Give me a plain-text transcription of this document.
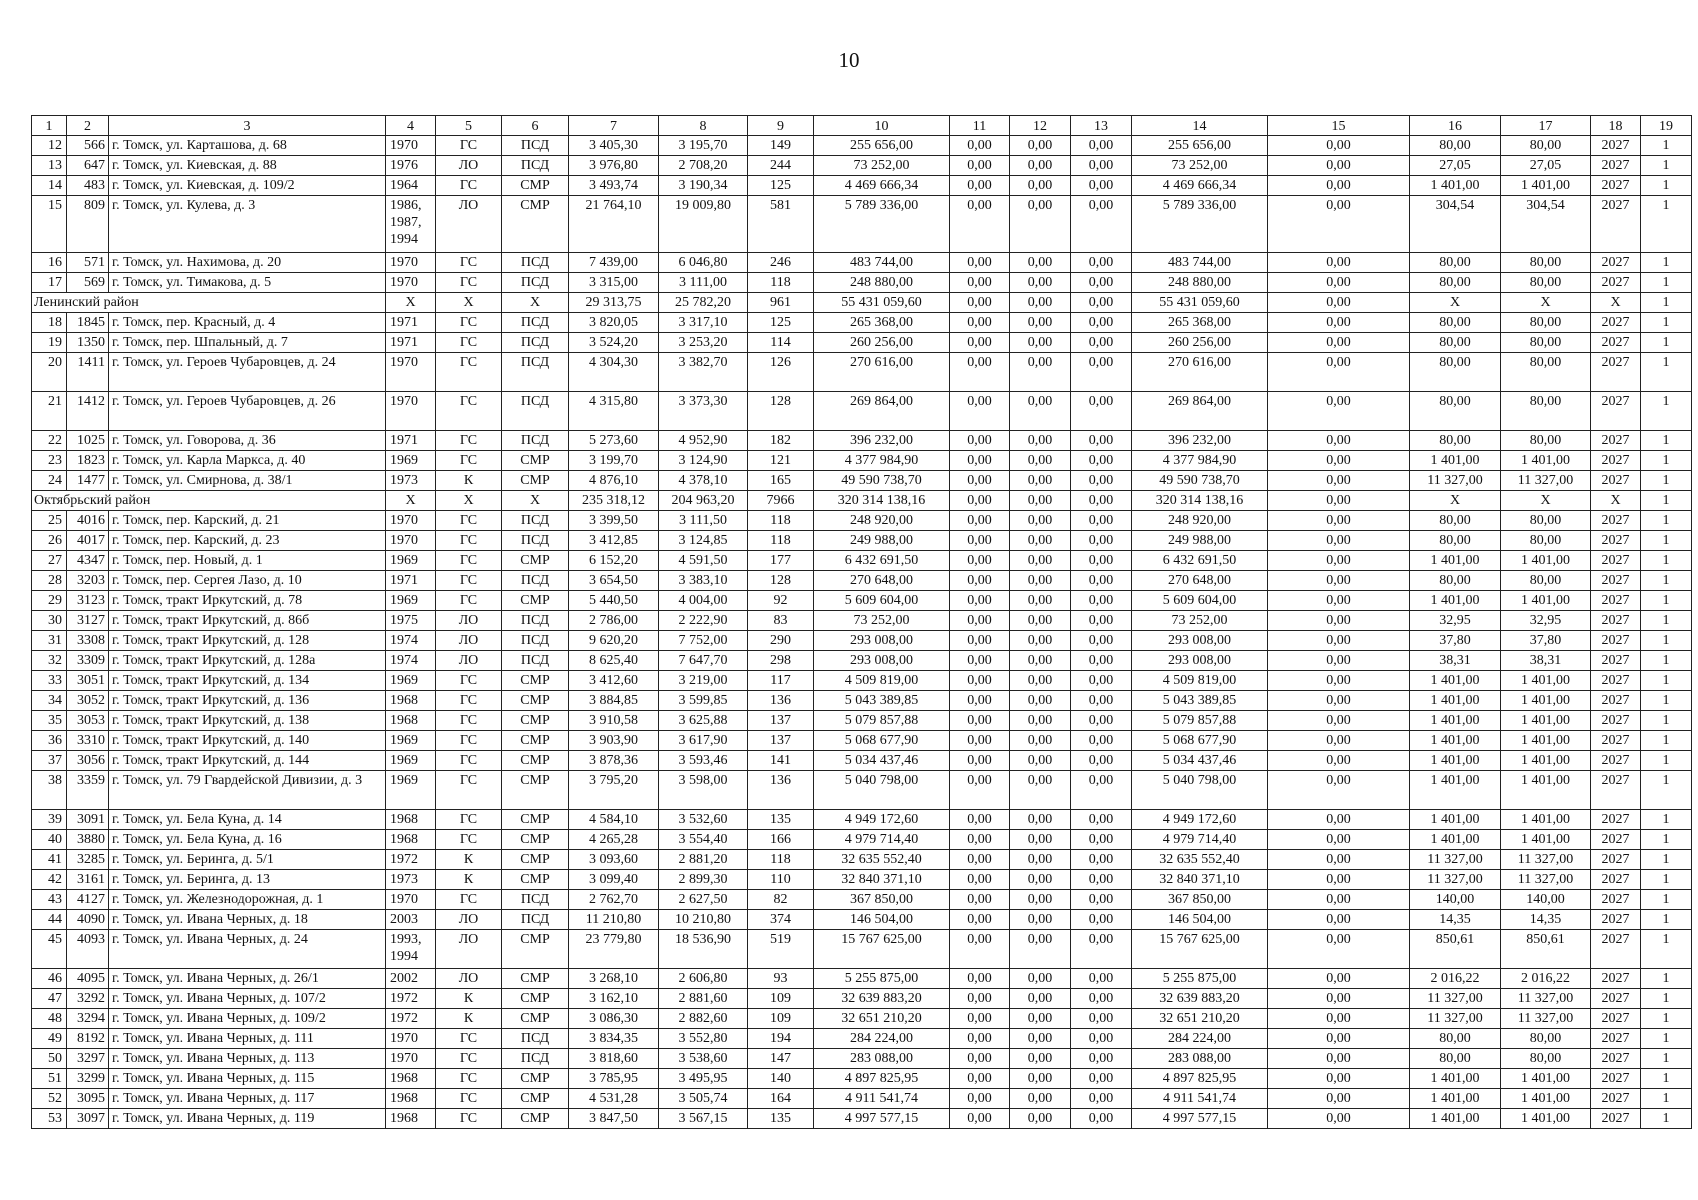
10
1	2	3	4	5	6	7	8	9	10	11	12	13	14	15	16	17	18	19
12	566	г. Томск, ул. Карташова, д. 68	1970	ГС	ПСД	3 405,30	3 195,70	149	255 656,00	0,00	0,00	0,00	255 656,00	0,00	80,00	80,00	2027	1
13	647	г. Томск, ул. Киевская, д. 88	1976	ЛО	ПСД	3 976,80	2 708,20	244	73 252,00	0,00	0,00	0,00	73 252,00	0,00	27,05	27,05	2027	1
14	483	г. Томск, ул. Киевская, д. 109/2	1964	ГС	СМР	3 493,74	3 190,34	125	4 469 666,34	0,00	0,00	0,00	4 469 666,34	0,00	1 401,00	1 401,00	2027	1
15	809	г. Томск, ул. Кулева, д. 3	1986, 1987, 1994	ЛО	СМР	21 764,10	19 009,80	581	5 789 336,00	0,00	0,00	0,00	5 789 336,00	0,00	304,54	304,54	2027	1
16	571	г. Томск, ул. Нахимова, д. 20	1970	ГС	ПСД	7 439,00	6 046,80	246	483 744,00	0,00	0,00	0,00	483 744,00	0,00	80,00	80,00	2027	1
17	569	г. Томск, ул. Тимакова, д. 5	1970	ГС	ПСД	3 315,00	3 111,00	118	248 880,00	0,00	0,00	0,00	248 880,00	0,00	80,00	80,00	2027	1
Ленинский район			Х	Х	Х	29 313,75	25 782,20	961	55 431 059,60	0,00	0,00	0,00	55 431 059,60	0,00	Х	Х	Х	1
18	1845	г. Томск, пер. Красный, д. 4	1971	ГС	ПСД	3 820,05	3 317,10	125	265 368,00	0,00	0,00	0,00	265 368,00	0,00	80,00	80,00	2027	1
19	1350	г. Томск, пер. Шпальный, д. 7	1971	ГС	ПСД	3 524,20	3 253,20	114	260 256,00	0,00	0,00	0,00	260 256,00	0,00	80,00	80,00	2027	1
20	1411	г. Томск, ул. Героев Чубаровцев, д. 24	1970	ГС	ПСД	4 304,30	3 382,70	126	270 616,00	0,00	0,00	0,00	270 616,00	0,00	80,00	80,00	2027	1
21	1412	г. Томск, ул. Героев Чубаровцев, д. 26	1970	ГС	ПСД	4 315,80	3 373,30	128	269 864,00	0,00	0,00	0,00	269 864,00	0,00	80,00	80,00	2027	1
22	1025	г. Томск, ул. Говорова, д. 36	1971	ГС	ПСД	5 273,60	4 952,90	182	396 232,00	0,00	0,00	0,00	396 232,00	0,00	80,00	80,00	2027	1
23	1823	г. Томск, ул. Карла Маркса, д. 40	1969	ГС	СМР	3 199,70	3 124,90	121	4 377 984,90	0,00	0,00	0,00	4 377 984,90	0,00	1 401,00	1 401,00	2027	1
24	1477	г. Томск, ул. Смирнова, д. 38/1	1973	К	СМР	4 876,10	4 378,10	165	49 590 738,70	0,00	0,00	0,00	49 590 738,70	0,00	11 327,00	11 327,00	2027	1
Октябрьский район			Х	Х	Х	235 318,12	204 963,20	7966	320 314 138,16	0,00	0,00	0,00	320 314 138,16	0,00	Х	Х	Х	1
25	4016	г. Томск, пер. Карский, д. 21	1970	ГС	ПСД	3 399,50	3 111,50	118	248 920,00	0,00	0,00	0,00	248 920,00	0,00	80,00	80,00	2027	1
26	4017	г. Томск, пер. Карский, д. 23	1970	ГС	ПСД	3 412,85	3 124,85	118	249 988,00	0,00	0,00	0,00	249 988,00	0,00	80,00	80,00	2027	1
27	4347	г. Томск, пер. Новый, д. 1	1969	ГС	СМР	6 152,20	4 591,50	177	6 432 691,50	0,00	0,00	0,00	6 432 691,50	0,00	1 401,00	1 401,00	2027	1
28	3203	г. Томск, пер. Сергея Лазо, д. 10	1971	ГС	ПСД	3 654,50	3 383,10	128	270 648,00	0,00	0,00	0,00	270 648,00	0,00	80,00	80,00	2027	1
29	3123	г. Томск, тракт Иркутский, д. 78	1969	ГС	СМР	5 440,50	4 004,00	92	5 609 604,00	0,00	0,00	0,00	5 609 604,00	0,00	1 401,00	1 401,00	2027	1
30	3127	г. Томск, тракт Иркутский, д. 86б	1975	ЛО	ПСД	2 786,00	2 222,90	83	73 252,00	0,00	0,00	0,00	73 252,00	0,00	32,95	32,95	2027	1
31	3308	г. Томск, тракт Иркутский, д. 128	1974	ЛО	ПСД	9 620,20	7 752,00	290	293 008,00	0,00	0,00	0,00	293 008,00	0,00	37,80	37,80	2027	1
32	3309	г. Томск, тракт Иркутский, д. 128а	1974	ЛО	ПСД	8 625,40	7 647,70	298	293 008,00	0,00	0,00	0,00	293 008,00	0,00	38,31	38,31	2027	1
33	3051	г. Томск, тракт Иркутский, д. 134	1969	ГС	СМР	3 412,60	3 219,00	117	4 509 819,00	0,00	0,00	0,00	4 509 819,00	0,00	1 401,00	1 401,00	2027	1
34	3052	г. Томск, тракт Иркутский, д. 136	1968	ГС	СМР	3 884,85	3 599,85	136	5 043 389,85	0,00	0,00	0,00	5 043 389,85	0,00	1 401,00	1 401,00	2027	1
35	3053	г. Томск, тракт Иркутский, д. 138	1968	ГС	СМР	3 910,58	3 625,88	137	5 079 857,88	0,00	0,00	0,00	5 079 857,88	0,00	1 401,00	1 401,00	2027	1
36	3310	г. Томск, тракт Иркутский, д. 140	1969	ГС	СМР	3 903,90	3 617,90	137	5 068 677,90	0,00	0,00	0,00	5 068 677,90	0,00	1 401,00	1 401,00	2027	1
37	3056	г. Томск, тракт Иркутский, д. 144	1969	ГС	СМР	3 878,36	3 593,46	141	5 034 437,46	0,00	0,00	0,00	5 034 437,46	0,00	1 401,00	1 401,00	2027	1
38	3359	г. Томск, ул. 79 Гвардейской Дивизии, д. 3	1969	ГС	СМР	3 795,20	3 598,00	136	5 040 798,00	0,00	0,00	0,00	5 040 798,00	0,00	1 401,00	1 401,00	2027	1
39	3091	г. Томск, ул. Бела Куна, д. 14	1968	ГС	СМР	4 584,10	3 532,60	135	4 949 172,60	0,00	0,00	0,00	4 949 172,60	0,00	1 401,00	1 401,00	2027	1
40	3880	г. Томск, ул. Бела Куна, д. 16	1968	ГС	СМР	4 265,28	3 554,40	166	4 979 714,40	0,00	0,00	0,00	4 979 714,40	0,00	1 401,00	1 401,00	2027	1
41	3285	г. Томск, ул. Беринга, д. 5/1	1972	К	СМР	3 093,60	2 881,20	118	32 635 552,40	0,00	0,00	0,00	32 635 552,40	0,00	11 327,00	11 327,00	2027	1
42	3161	г. Томск, ул. Беринга, д. 13	1973	К	СМР	3 099,40	2 899,30	110	32 840 371,10	0,00	0,00	0,00	32 840 371,10	0,00	11 327,00	11 327,00	2027	1
43	4127	г. Томск, ул. Железнодорожная, д. 1	1970	ГС	ПСД	2 762,70	2 627,50	82	367 850,00	0,00	0,00	0,00	367 850,00	0,00	140,00	140,00	2027	1
44	4090	г. Томск, ул. Ивана Черных, д. 18	2003	ЛО	ПСД	11 210,80	10 210,80	374	146 504,00	0,00	0,00	0,00	146 504,00	0,00	14,35	14,35	2027	1
45	4093	г. Томск, ул. Ивана Черных, д. 24	1993, 1994	ЛО	СМР	23 779,80	18 536,90	519	15 767 625,00	0,00	0,00	0,00	15 767 625,00	0,00	850,61	850,61	2027	1
46	4095	г. Томск, ул. Ивана Черных, д. 26/1	2002	ЛО	СМР	3 268,10	2 606,80	93	5 255 875,00	0,00	0,00	0,00	5 255 875,00	0,00	2 016,22	2 016,22	2027	1
47	3292	г. Томск, ул. Ивана Черных, д. 107/2	1972	К	СМР	3 162,10	2 881,60	109	32 639 883,20	0,00	0,00	0,00	32 639 883,20	0,00	11 327,00	11 327,00	2027	1
48	3294	г. Томск, ул. Ивана Черных, д. 109/2	1972	К	СМР	3 086,30	2 882,60	109	32 651 210,20	0,00	0,00	0,00	32 651 210,20	0,00	11 327,00	11 327,00	2027	1
49	8192	г. Томск, ул. Ивана Черных, д. 111	1970	ГС	ПСД	3 834,35	3 552,80	194	284 224,00	0,00	0,00	0,00	284 224,00	0,00	80,00	80,00	2027	1
50	3297	г. Томск, ул. Ивана Черных, д. 113	1970	ГС	ПСД	3 818,60	3 538,60	147	283 088,00	0,00	0,00	0,00	283 088,00	0,00	80,00	80,00	2027	1
51	3299	г. Томск, ул. Ивана Черных, д. 115	1968	ГС	СМР	3 785,95	3 495,95	140	4 897 825,95	0,00	0,00	0,00	4 897 825,95	0,00	1 401,00	1 401,00	2027	1
52	3095	г. Томск, ул. Ивана Черных, д. 117	1968	ГС	СМР	4 531,28	3 505,74	164	4 911 541,74	0,00	0,00	0,00	4 911 541,74	0,00	1 401,00	1 401,00	2027	1
53	3097	г. Томск, ул. Ивана Черных, д. 119	1968	ГС	СМР	3 847,50	3 567,15	135	4 997 577,15	0,00	0,00	0,00	4 997 577,15	0,00	1 401,00	1 401,00	2027	1
